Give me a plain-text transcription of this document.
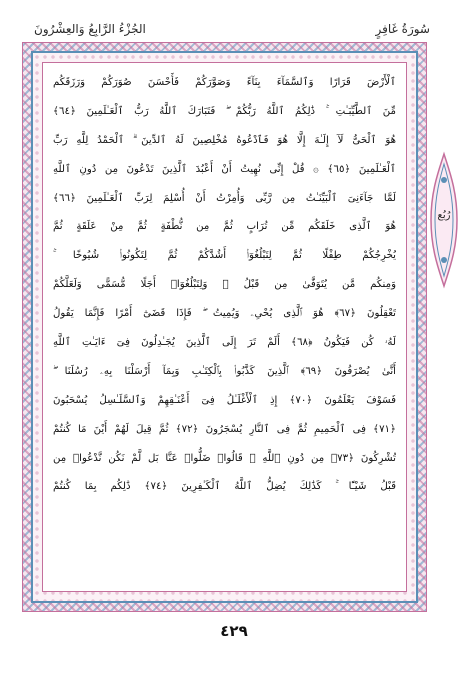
سُورَةُ غَافِرٍ
الجُزْءُ الرَّابِعُ وَالعِشْرُونَ
ٱلْأَرْضَ قَرَارًا وَٱلسَّمَآءَ بِنَآءً وَصَوَّرَكُمْ فَأَحْسَنَ صُوَرَكُمْ وَرَزَقَكُم
مِّنَ ٱلطَّيِّبَـٰتِ ۚ ذَٰلِكُمُ ٱللَّهُ رَبُّكُمْ ۖ فَتَبَارَكَ ٱللَّهُ رَبُّ ٱلْعَـٰلَمِينَ ﴿٦٤﴾
هُوَ ٱلْحَىُّ لَآ إِلَـٰهَ إِلَّا هُوَ فَٱدْعُوهُ مُخْلِصِينَ لَهُ ٱلدِّينَ ۗ ٱلْحَمْدُ لِلَّهِ رَبِّ
ٱلْعَـٰلَمِينَ ﴿٦٥﴾ ۞ قُلْ إِنِّى نُهِيتُ أَنْ أَعْبُدَ ٱلَّذِينَ تَدْعُونَ مِن دُونِ ٱللَّهِ
لَمَّا جَآءَنِىَ ٱلْبَيِّنَـٰتُ مِن رَّبِّى وَأُمِرْتُ أَنْ أُسْلِمَ لِرَبِّ ٱلْعَـٰلَمِينَ ﴿٦٦﴾
هُوَ ٱلَّذِى خَلَقَكُم مِّن تُرَابٍ ثُمَّ مِن نُّطْفَةٍ ثُمَّ مِنْ عَلَقَةٍ ثُمَّ
يُخْرِجُكُمْ طِفْلًا ثُمَّ لِتَبْلُغُوٓا۟ أَشُدَّكُمْ ثُمَّ لِتَكُونُوا۟ شُيُوخًا ۚ
وَمِنكُم مَّن يُتَوَفَّىٰ مِن قَبْلُ ۖ وَلِتَبْلُغُوٓا۟ أَجَلًا مُّسَمًّى وَلَعَلَّكُمْ
تَعْقِلُونَ ﴿٦٧﴾ هُوَ ٱلَّذِى يُحْىِۦ وَيُمِيتُ ۖ فَإِذَا قَضَىٰٓ أَمْرًا فَإِنَّمَا يَقُولُ
لَهُۥ كُن فَيَكُونُ ﴿٦٨﴾ أَلَمْ تَرَ إِلَى ٱلَّذِينَ يُجَـٰدِلُونَ فِىٓ ءَايَـٰتِ ٱللَّهِ
أَنَّىٰ يُصْرَفُونَ ﴿٦٩﴾ ٱلَّذِينَ كَذَّبُوا۟ بِٱلْكِتَـٰبِ وَبِمَآ أَرْسَلْنَا بِهِۦ رُسُلَنَا ۖ
فَسَوْفَ يَعْلَمُونَ ﴿٧٠﴾ إِذِ ٱلْأَغْلَـٰلُ فِىٓ أَعْنَـٰقِهِمْ وَٱلسَّلَـٰسِلُ يُسْحَبُونَ
﴿٧١﴾ فِى ٱلْحَمِيمِ ثُمَّ فِى ٱلنَّارِ يُسْجَرُونَ ﴿٧٢﴾ ثُمَّ قِيلَ لَهُمْ أَيْنَ مَا كُنتُمْ
تُشْرِكُونَ ﴿٧٣﴾ مِن دُونِ ٱللَّهِ ۖ قَالُوا۟ ضَلُّوا۟ عَنَّا بَل لَّمْ نَكُن نَّدْعُوا۟ مِن
قَبْلُ شَيْـًٔا ۚ كَذَٰلِكَ يُضِلُّ ٱللَّهُ ٱلْكَـٰفِرِينَ ﴿٧٤﴾ ذَٰلِكُم بِمَا كُنتُمْ
رُبُع
٤٢٩
